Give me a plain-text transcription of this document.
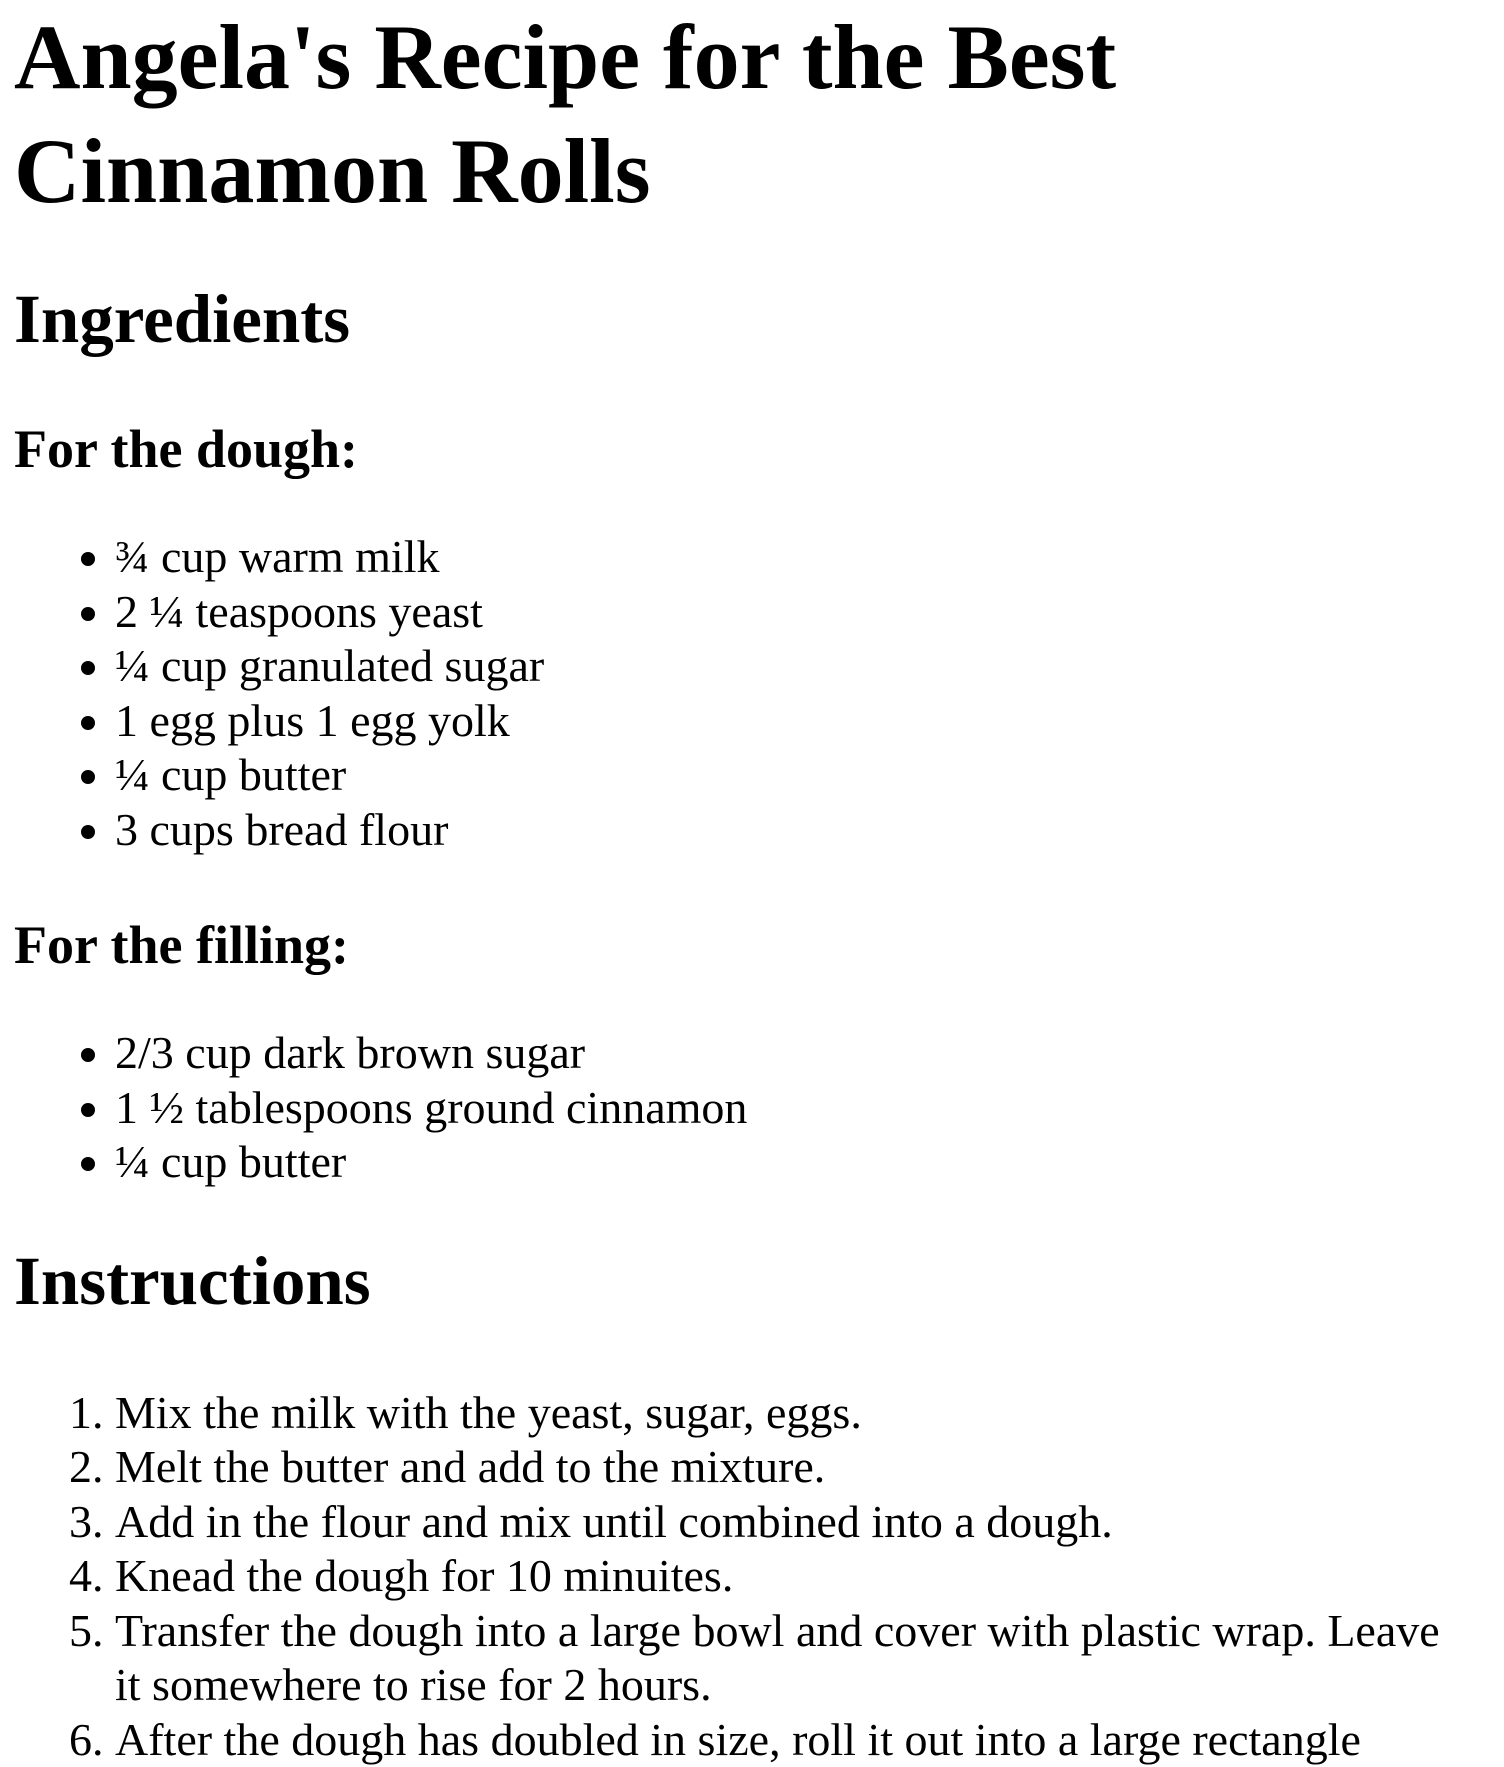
Angela's Recipe for the Best Cinnamon Rolls
Ingredients
For the dough:
• ¾ cup warm milk
• 2 ¼ teaspoons yeast
• ¼ cup granulated sugar
• 1 egg plus 1 egg yolk
• ¼ cup butter
• 3 cups bread flour
For the filling:
• 2/3 cup dark brown sugar
• 1 ½ tablespoons ground cinnamon
• ¼ cup butter
Instructions
1. Mix the milk with the yeast, sugar, eggs.
2. Melt the butter and add to the mixture.
3. Add in the flour and mix until combined into a dough.
4. Knead the dough for 10 minuites.
5. Transfer the dough into a large bowl and cover with plastic wrap. Leave it somewhere to rise for 2 hours.
6. After the dough has doubled in size, roll it out into a large rectangle
